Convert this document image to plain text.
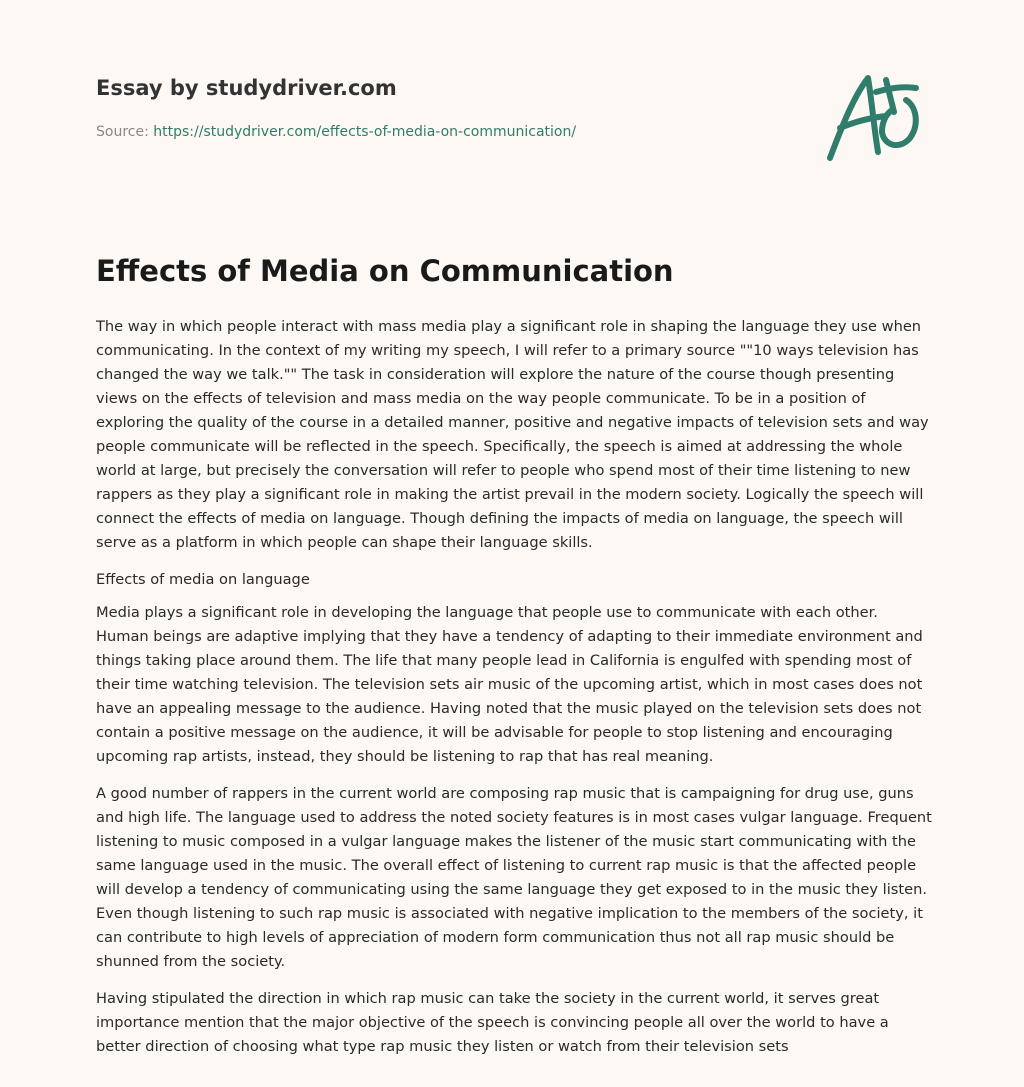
Essay by studydriver.com

Source: https://studydriver.com/effects-of-media-on-communication/

Effects of Media on Communication

The way in which people interact with mass media play a significant role in shaping the language they use when communicating. In the context of my writing my speech, I will refer to a primary source ""10 ways television has changed the way we talk."" The task in consideration will explore the nature of the course though presenting views on the effects of television and mass media on the way people communicate. To be in a position of exploring the quality of the course in a detailed manner, positive and negative impacts of television sets and way people communicate will be reflected in the speech. Specifically, the speech is aimed at addressing the whole world at large, but precisely the conversation will refer to people who spend most of their time listening to new rappers as they play a significant role in making the artist prevail in the modern society. Logically the speech will connect the effects of media on language. Though defining the impacts of media on language, the speech will serve as a platform in which people can shape their language skills.

Effects of media on language

Media plays a significant role in developing the language that people use to communicate with each other. Human beings are adaptive implying that they have a tendency of adapting to their immediate environment and things taking place around them. The life that many people lead in California is engulfed with spending most of their time watching television. The television sets air music of the upcoming artist, which in most cases does not have an appealing message to the audience. Having noted that the music played on the television sets does not contain a positive message on the audience, it will be advisable for people to stop listening and encouraging upcoming rap artists, instead, they should be listening to rap that has real meaning.

A good number of rappers in the current world are composing rap music that is campaigning for drug use, guns and high life. The language used to address the noted society features is in most cases vulgar language. Frequent listening to music composed in a vulgar language makes the listener of the music start communicating with the same language used in the music. The overall effect of listening to current rap music is that the affected people will develop a tendency of communicating using the same language they get exposed to in the music they listen. Even though listening to such rap music is associated with negative implication to the members of the society, it can contribute to high levels of appreciation of modern form communication thus not all rap music should be shunned from the society.

Having stipulated the direction in which rap music can take the society in the current world, it serves great importance mention that the major objective of the speech is convincing people all over the world to have a better direction of choosing what type rap music they listen or watch from their television sets
